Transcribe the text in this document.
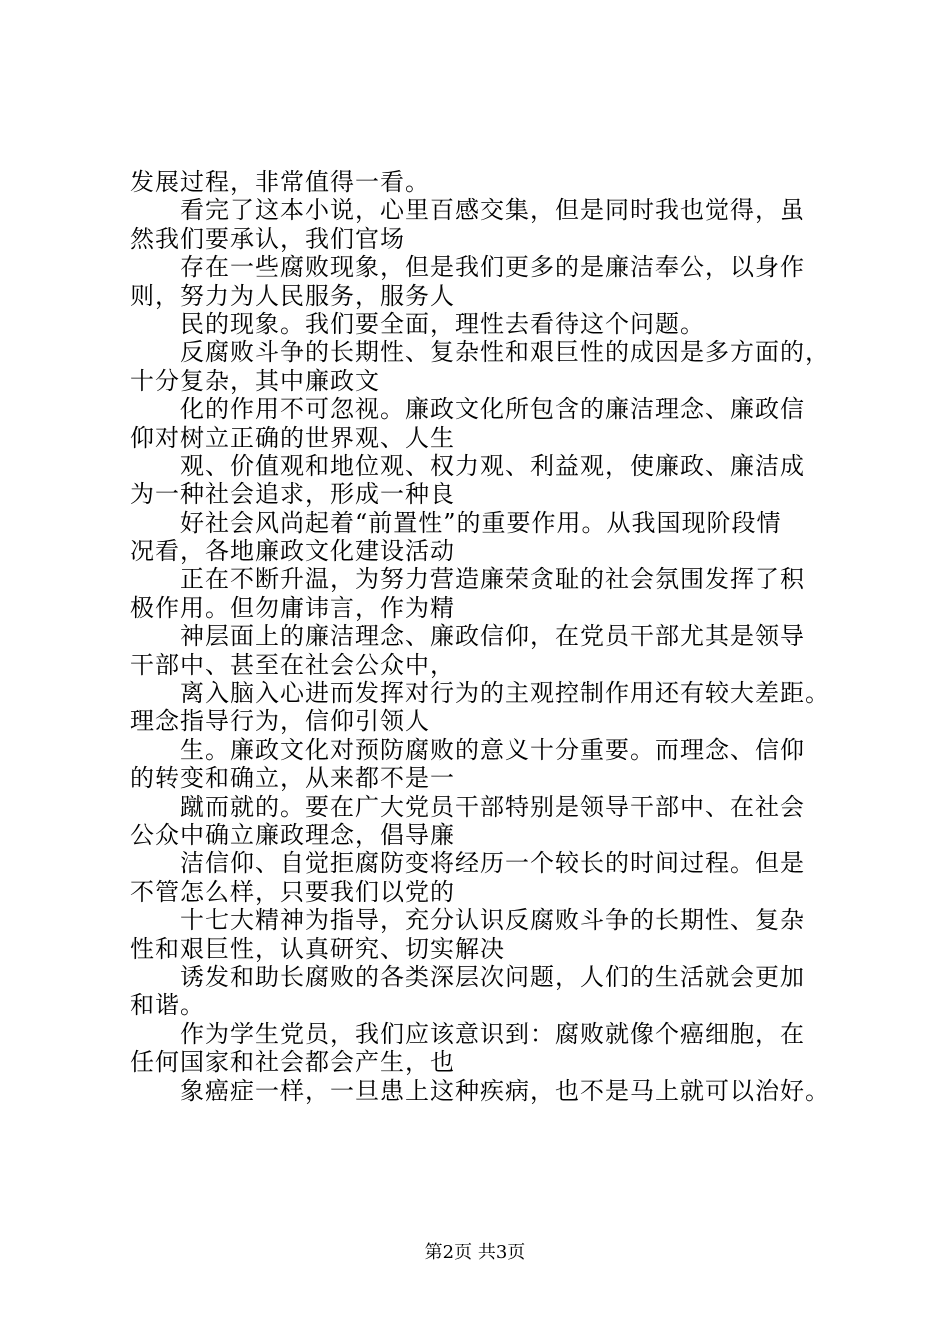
发展过程，非常值得一看。
看完了这本小说，心里百感交集，但是同时我也觉得，虽
然我们要承认，我们官场
存在一些腐败现象，但是我们更多的是廉洁奉公，以身作
则，努力为人民服务，服务人
民的现象。我们要全面，理性去看待这个问题。
反腐败斗争的长期性、复杂性和艰巨性的成因是多方面的，
十分复杂，其中廉政文
化的作用不可忽视。廉政文化所包含的廉洁理念、廉政信
仰对树立正确的世界观、人生
观、价值观和地位观、权力观、利益观，使廉政、廉洁成
为一种社会追求，形成一种良
好社会风尚起着“前置性”的重要作用。从我国现阶段情
况看，各地廉政文化建设活动
正在不断升温，为努力营造廉荣贪耻的社会氛围发挥了积
极作用。但勿庸讳言，作为精
神层面上的廉洁理念、廉政信仰，在党员干部尤其是领导
干部中、甚至在社会公众中，
离入脑入心进而发挥对行为的主观控制作用还有较大差距。
理念指导行为，信仰引领人
生。廉政文化对预防腐败的意义十分重要。而理念、信仰
的转变和确立，从来都不是一
蹴而就的。要在广大党员干部特别是领导干部中、在社会
公众中确立廉政理念，倡导廉
洁信仰、自觉拒腐防变将经历一个较长的时间过程。但是
不管怎么样，只要我们以党的
十七大精神为指导，充分认识反腐败斗争的长期性、复杂
性和艰巨性，认真研究、切实解决
诱发和助长腐败的各类深层次问题，人们的生活就会更加
和谐。
作为学生党员，我们应该意识到：腐败就像个癌细胞，在
任何国家和社会都会产生，也
象癌症一样，一旦患上这种疾病，也不是马上就可以治好。
第2页 共3页
